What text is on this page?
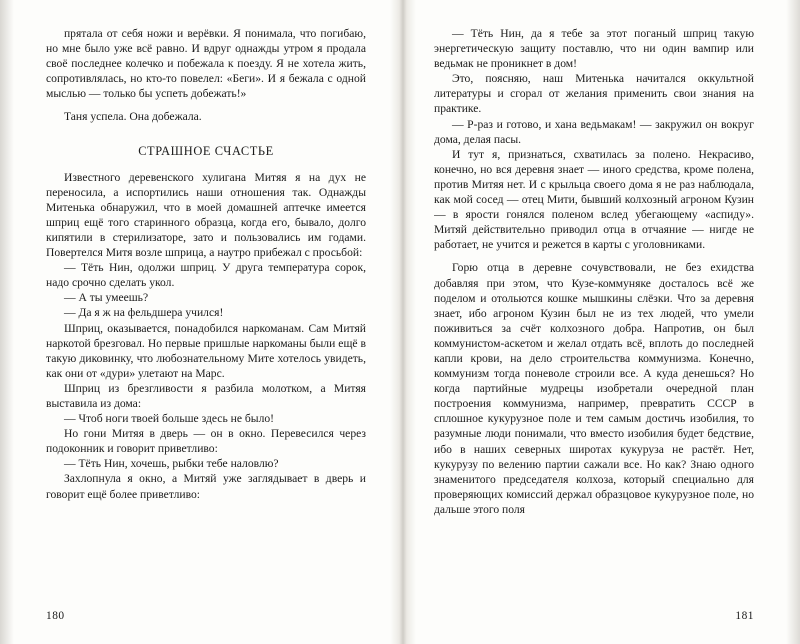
прятала от себя ножи и верёвки. Я понимала, что погибаю, но мне было уже всё равно. И вдруг однажды утром я продала своё последнее колечко и побежала к поезду. Я не хотела жить, сопротивлялась, но кто-то повелел: «Беги». И я бежала с одной мыслью — только бы успеть добежать!»

Таня успела. Она добежала.

СТРАШНОЕ СЧАСТЬЕ

Известного деревенского хулигана Митяя я на дух не переносила, а испортились наши отношения так. Однажды Митенька обнаружил, что в моей домашней аптечке имеется шприц ещё того старинного образца, когда его, бывало, долго кипятили в стерилизаторе, зато и пользовались им годами. Повертелся Митя возле шприца, а наутро прибежал с просьбой:

— Тёть Нин, одолжи шприц. У друга температура сорок, надо срочно сделать укол.

— А ты умеешь?

— Да я ж на фельдшера учился!

Шприц, оказывается, понадобился наркоманам. Сам Митяй наркотой брезговал. Но первые пришлые наркоманы были ещё в такую диковинку, что любознательному Мите хотелось увидеть, как они от «дури» улетают на Марс.

Шприц из брезгливости я разбила молотком, а Митяя выставила из дома:

— Чтоб ноги твоей больше здесь не было!

Но гони Митяя в дверь — он в окно. Перевесился через подоконник и говорит приветливо:

— Тёть Нин, хочешь, рыбки тебе наловлю?

Захлопнула я окно, а Митяй уже заглядывает в дверь и говорит ещё более приветливо:

180

— Тёть Нин, да я тебе за этот поганый шприц такую энергетическую защиту поставлю, что ни один вампир или ведьмак не проникнет в дом!

Это, поясняю, наш Митенька начитался оккультной литературы и сгорал от желания применить свои знания на практике.

— Р-раз и готово, и хана ведьмакам! — закружил он вокруг дома, делая пасы.

И тут я, признаться, схватилась за полено. Некрасиво, конечно, но вся деревня знает — иного средства, кроме полена, против Митяя нет. И с крыльца своего дома я не раз наблюдала, как мой сосед — отец Мити, бывший колхозный агроном Кузин — в ярости гонялся поленом вслед убегающему «аспиду». Митяй действительно приводил отца в отчаяние — нигде не работает, не учится и режется в карты с уголовниками.

Горю отца в деревне сочувствовали, не без ехидства добавляя при этом, что Кузе-коммуняке досталось всё же поделом и отольются кошке мышкины слёзки. Что за деревня знает, ибо агроном Кузин был не из тех людей, что умели поживиться за счёт колхозного добра. Напротив, он был коммунистом-аскетом и желал отдать всё, вплоть до последней капли крови, на дело строительства коммунизма. Конечно, коммунизм тогда поневоле строили все. А куда денешься? Но когда партийные мудрецы изобретали очередной план построения коммунизма, например, превратить СССР в сплошное кукурузное поле и тем самым достичь изобилия, то разумные люди понимали, что вместо изобилия будет бедствие, ибо в наших северных широтах кукуруза не растёт. Нет, кукурузу по велению партии сажали все. Но как? Знаю одного знаменитого председателя колхоза, который специально для проверяющих комиссий держал образцовое кукурузное поле, но дальше этого поля

181
